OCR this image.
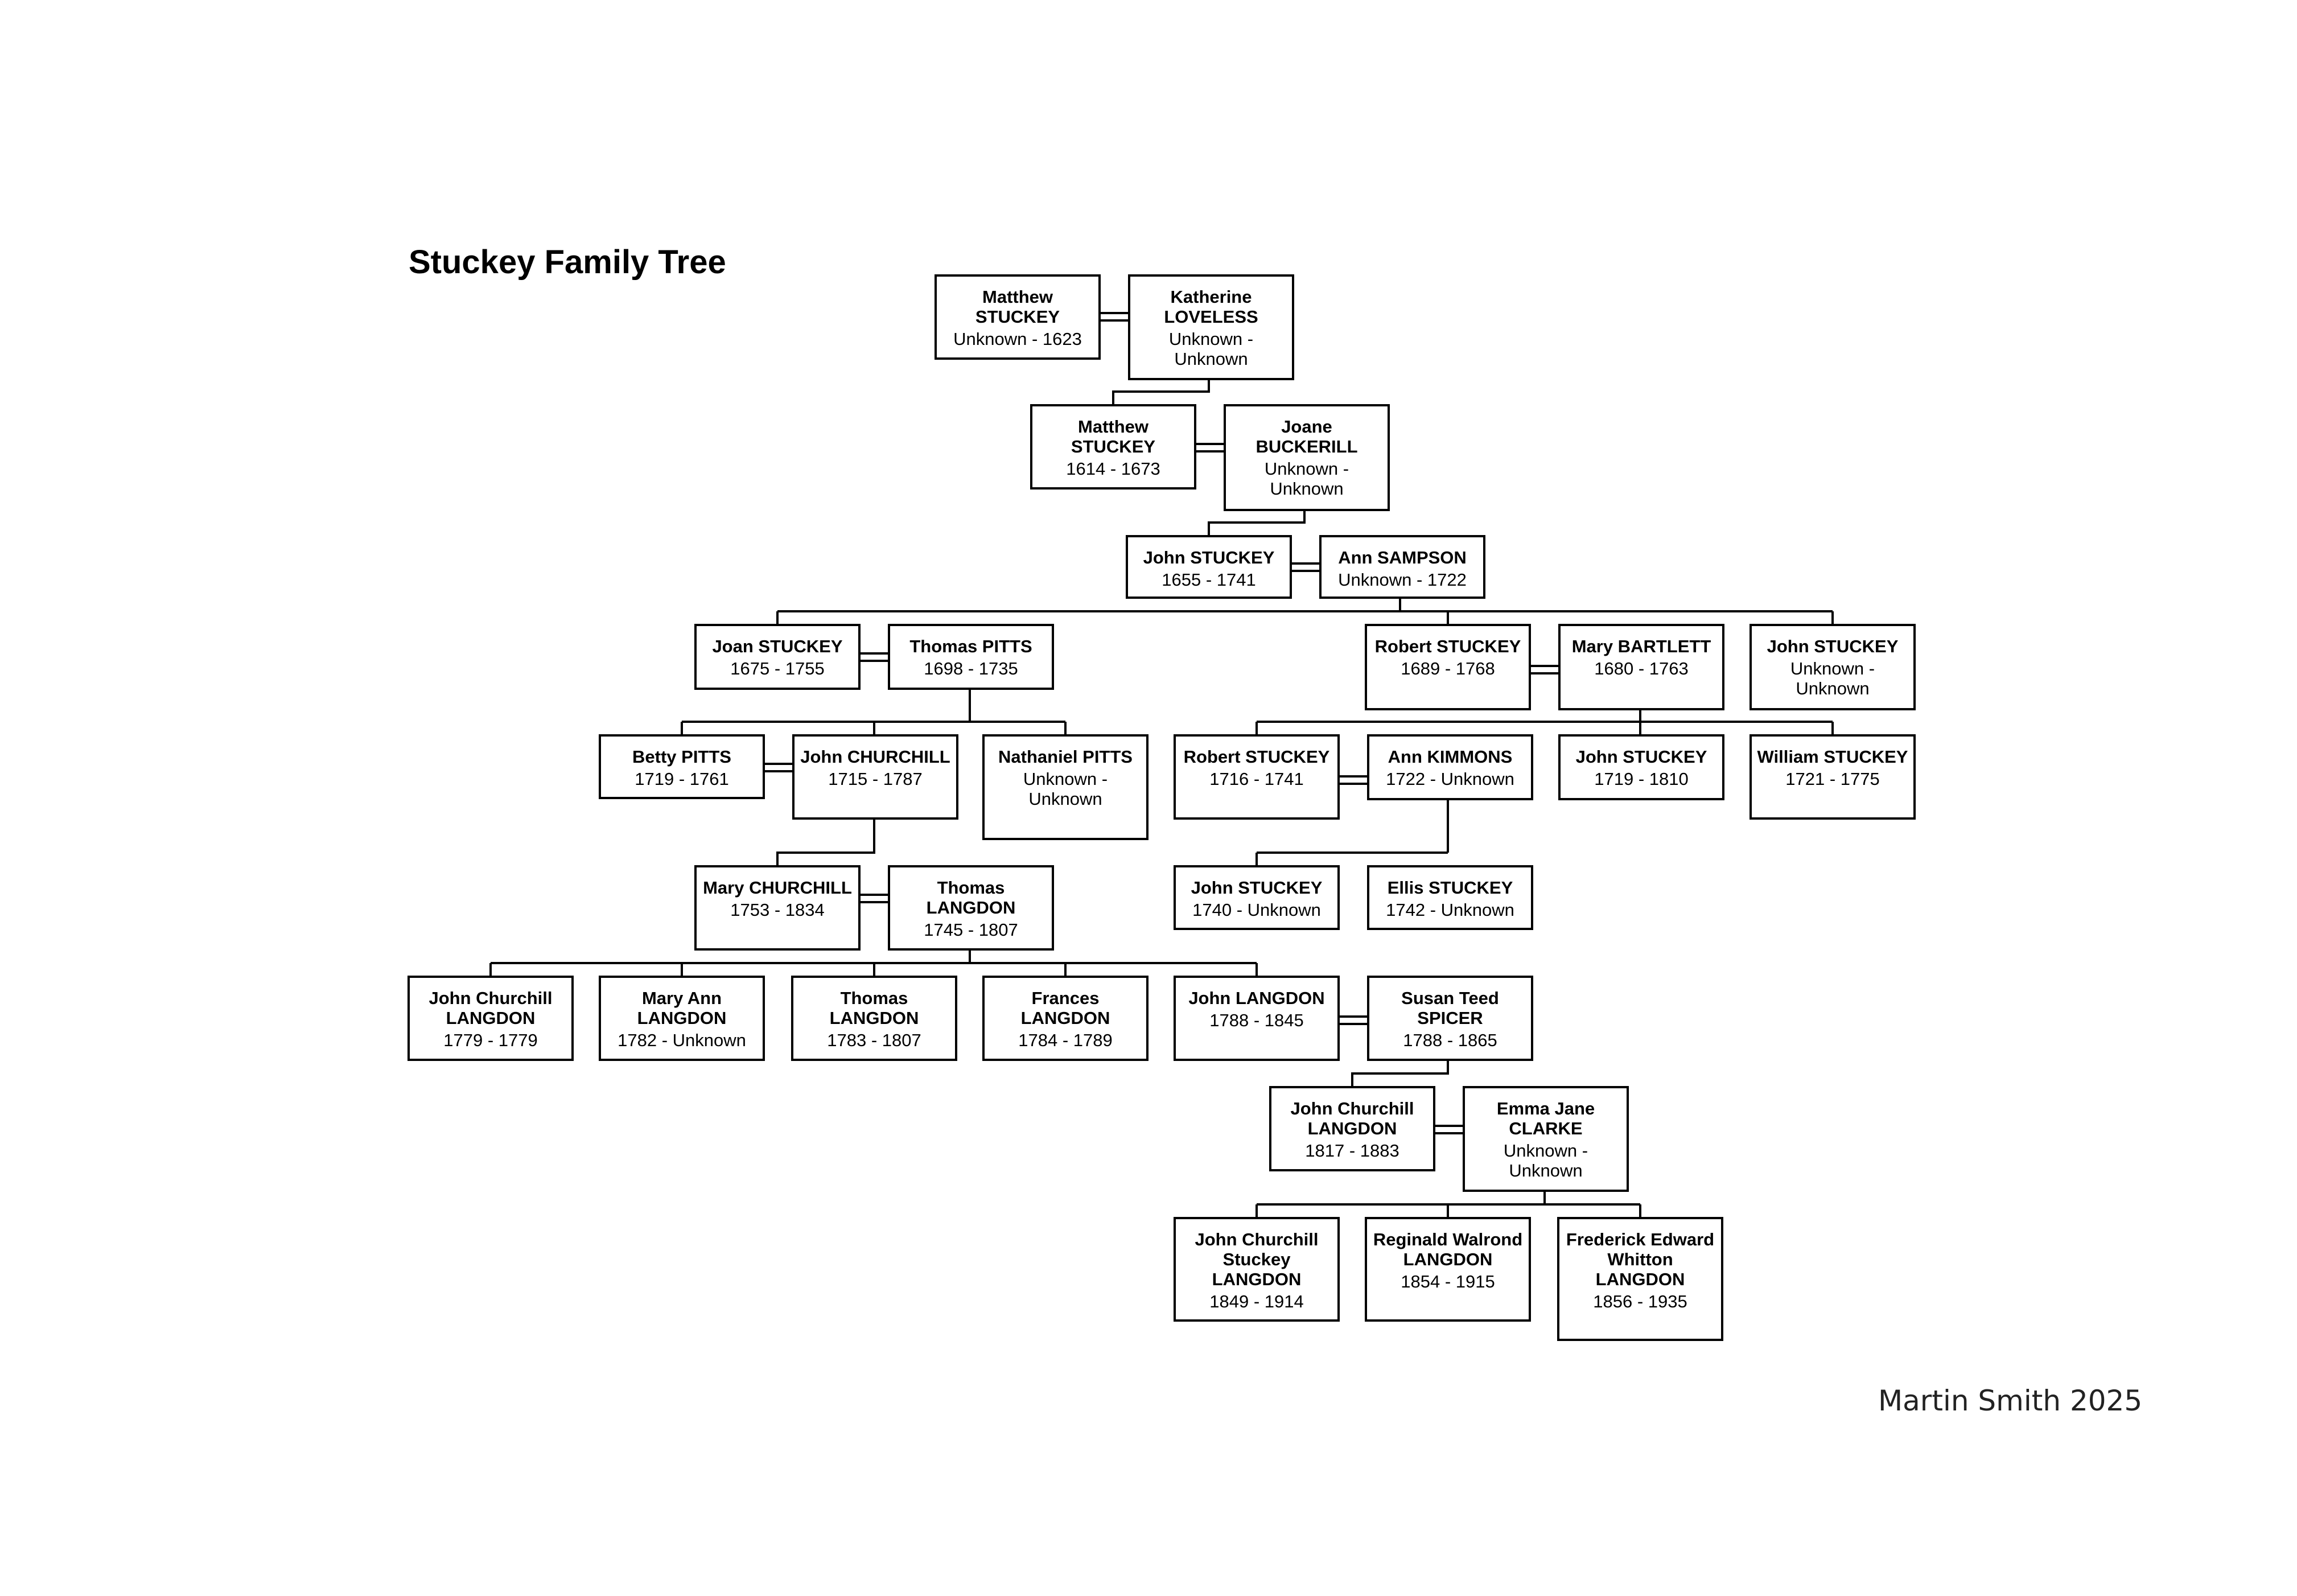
Stuckey Family Tree
Matthew STUCKEY
Unknown - 1623
Katherine LOVELESS
Unknown - Unknown
Matthew STUCKEY
1614 - 1673
Joane BUCKERILL
Unknown - Unknown
John STUCKEY
1655 - 1741
Ann SAMPSON
Unknown - 1722
Joan STUCKEY
1675 - 1755
Thomas PITTS
1698 - 1735
Robert STUCKEY
1689 - 1768
Mary BARTLETT
1680 - 1763
John STUCKEY
Unknown - Unknown
Betty PITTS
1719 - 1761
John CHURCHILL
1715 - 1787
Nathaniel PITTS
Unknown - Unknown
Robert STUCKEY
1716 - 1741
Ann KIMMONS
1722 - Unknown
John STUCKEY
1719 - 1810
William STUCKEY
1721 - 1775
Mary CHURCHILL
1753 - 1834
Thomas LANGDON
1745 - 1807
John STUCKEY
1740 - Unknown
Ellis STUCKEY
1742 - Unknown
John Churchill LANGDON
1779 - 1779
Mary Ann LANGDON
1782 - Unknown
Thomas LANGDON
1783 - 1807
Frances LANGDON
1784 - 1789
John LANGDON
1788 - 1845
Susan Teed SPICER
1788 - 1865
John Churchill LANGDON
1817 - 1883
Emma Jane CLARKE
Unknown - Unknown
John Churchill Stuckey LANGDON
1849 - 1914
Reginald Walrond LANGDON
1854 - 1915
Frederick Edward Whitton LANGDON
1856 - 1935
Martin Smith 2025
